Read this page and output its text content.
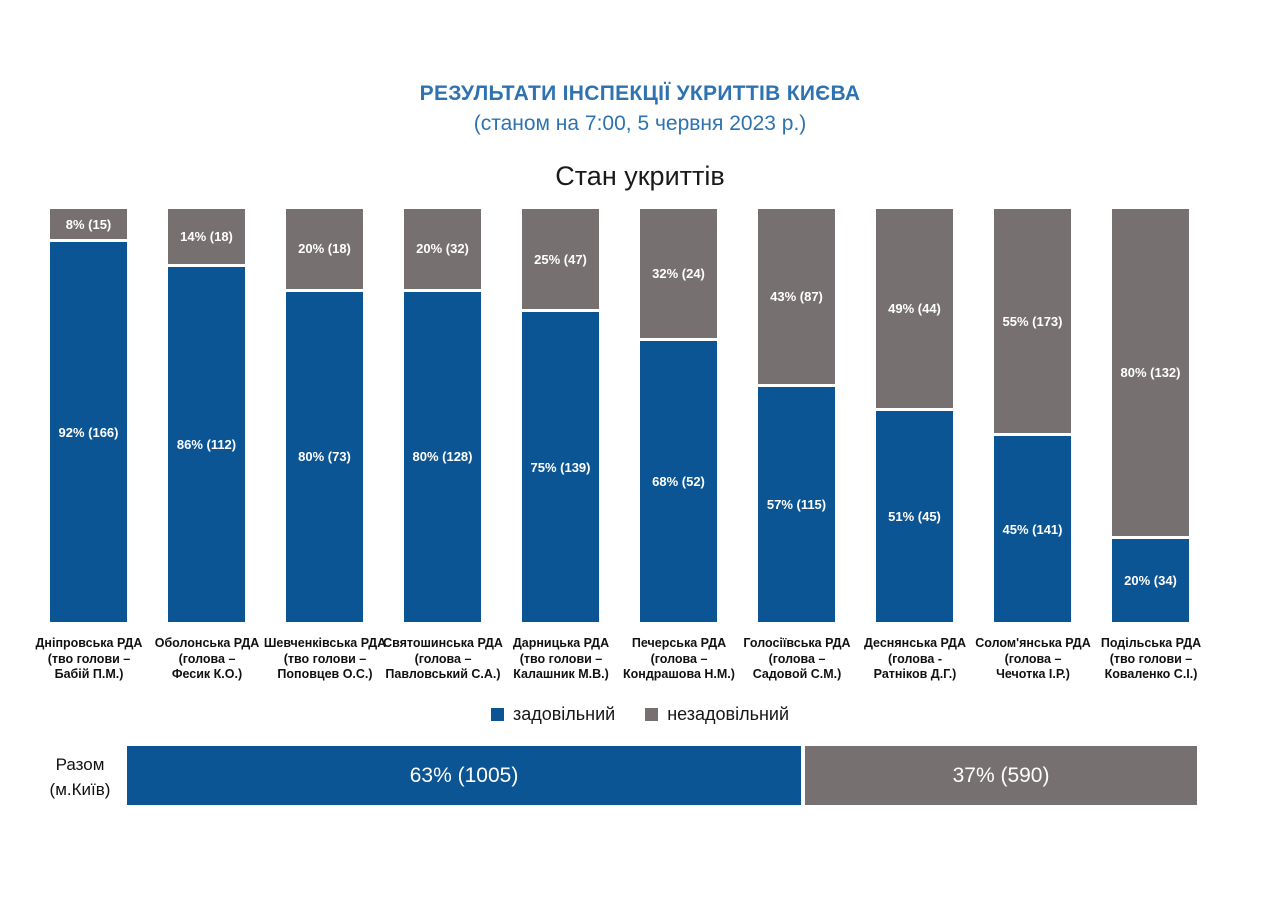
РЕЗУЛЬТАТИ ІНСПЕКЦІЇ УКРИТТІВ КИЄВА
(станом на 7:00, 5 червня 2023 р.)
Стан укриттів
8% (15)
92% (166)
14% (18)
86% (112)
20% (18)
80% (73)
20% (32)
80% (128)
25% (47)
75% (139)
32% (24)
68% (52)
43% (87)
57% (115)
49% (44)
51% (45)
55% (173)
45% (141)
80% (132)
20% (34)
Дніпровська РДА
(тво голови –
Бабій П.М.)
Оболонська РДА
(голова –
Фесик К.О.)
Шевченківська РДА
(тво голови –
Поповцев О.С.)
Святошинська РДА
(голова –
Павловський С.А.)
Дарницька РДА
(тво голови –
Калашник М.В.)
Печерська РДА
(голова –
Кондрашова Н.М.)
Голосіївська РДА
(голова –
Садовой С.М.)
Деснянська РДА
(голова -
Ратніков Д.Г.)
Солом'янська РДА
(голова –
Чечотка І.Р.)
Подільська РДА
(тво голови –
Коваленко С.І.)
задовільний	незадовільний
Разом
(м.Київ)
63% (1005)	37% (590)
